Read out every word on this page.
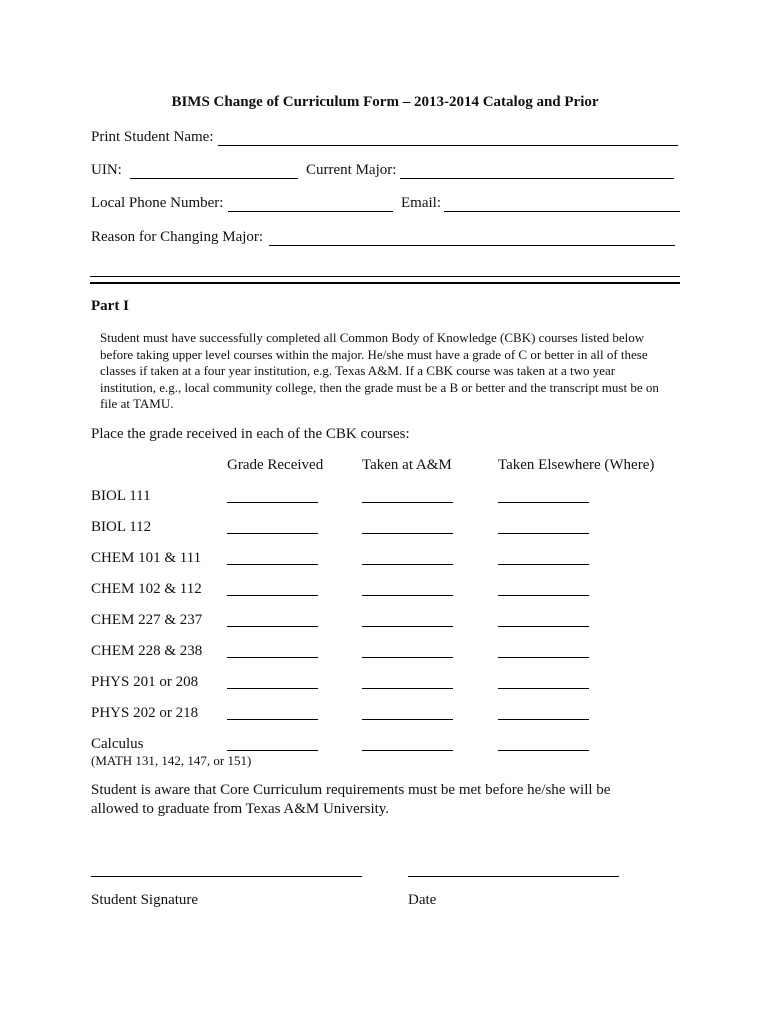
BIMS Change of Curriculum Form – 2013-2014 Catalog and Prior
Print Student Name:
UIN:	Current Major:
Local Phone Number:	Email:
Reason for Changing Major:
Part I
Student must have successfully completed all Common Body of Knowledge (CBK) courses listed below before taking upper level courses within the major. He/she must have a grade of C or better in all of these classes if taken at a four year institution, e.g. Texas A&M. If a CBK course was taken at a two year institution, e.g., local community college, then the grade must be a B or better and the transcript must be on file at TAMU.
Place the grade received in each of the CBK courses:
Grade Received	Taken at A&M	Taken Elsewhere (Where)
BIOL 111
BIOL 112
CHEM 101 & 111
CHEM 102 & 112
CHEM 227 & 237
CHEM 228 & 238
PHYS 201 or 208
PHYS 202 or 218
Calculus
(MATH 131, 142, 147, or 151)
Student is aware that Core Curriculum requirements must be met before he/she will be allowed to graduate from Texas A&M University.
Student Signature	Date
